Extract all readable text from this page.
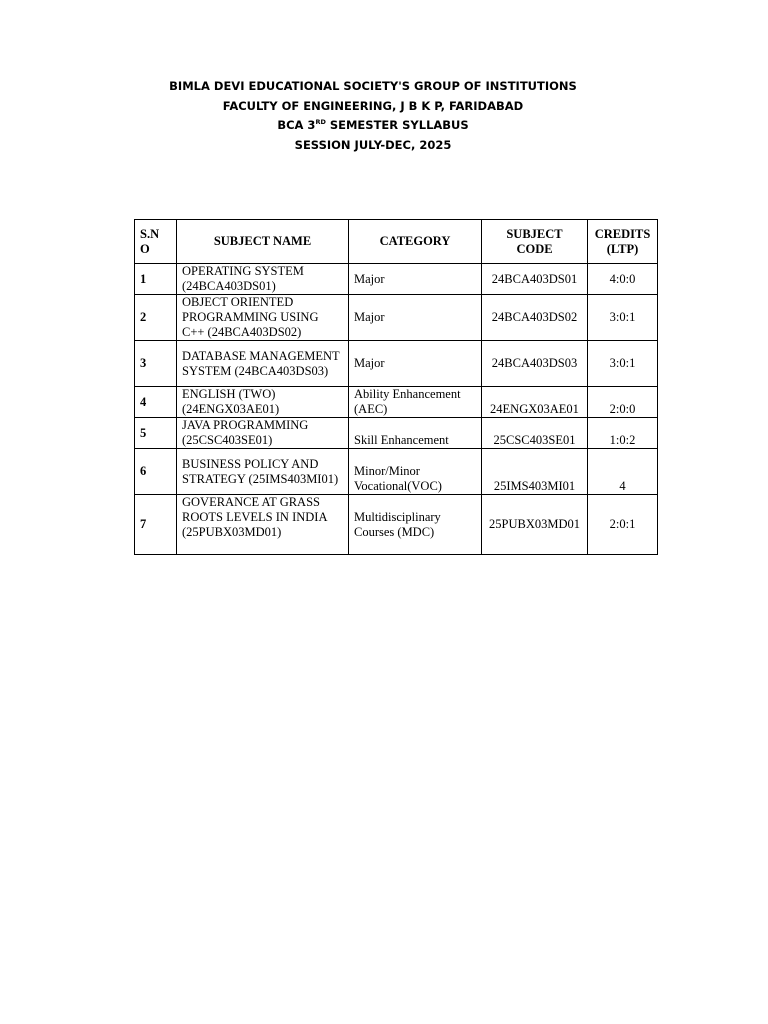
BIMLA DEVI EDUCATIONAL SOCIETY'S GROUP OF INSTITUTIONS
FACULTY OF ENGINEERING, J B K P, FARIDABAD
BCA 3RD SEMESTER SYLLABUS
SESSION JULY-DEC, 2025
S.N O	SUBJECT NAME	CATEGORY	SUBJECT CODE	CREDITS (LTP)
1	OPERATING SYSTEM (24BCA403DS01)	Major	24BCA403DS01	4:0:0
2	OBJECT ORIENTED PROGRAMMING USING C++ (24BCA403DS02)	Major	24BCA403DS02	3:0:1
3	DATABASE MANAGEMENT SYSTEM (24BCA403DS03)	Major	24BCA403DS03	3:0:1
4	ENGLISH (TWO) (24ENGX03AE01)	Ability Enhancement (AEC)	24ENGX03AE01	2:0:0
5	JAVA PROGRAMMING (25CSC403SE01)	Skill Enhancement	25CSC403SE01	1:0:2
6	BUSINESS POLICY AND STRATEGY (25IMS403MI01)	Minor/Minor Vocational(VOC)	25IMS403MI01	4
7	GOVERANCE AT GRASS ROOTS LEVELS IN INDIA (25PUBX03MD01)	Multidisciplinary Courses (MDC)	25PUBX03MD01	2:0:1
